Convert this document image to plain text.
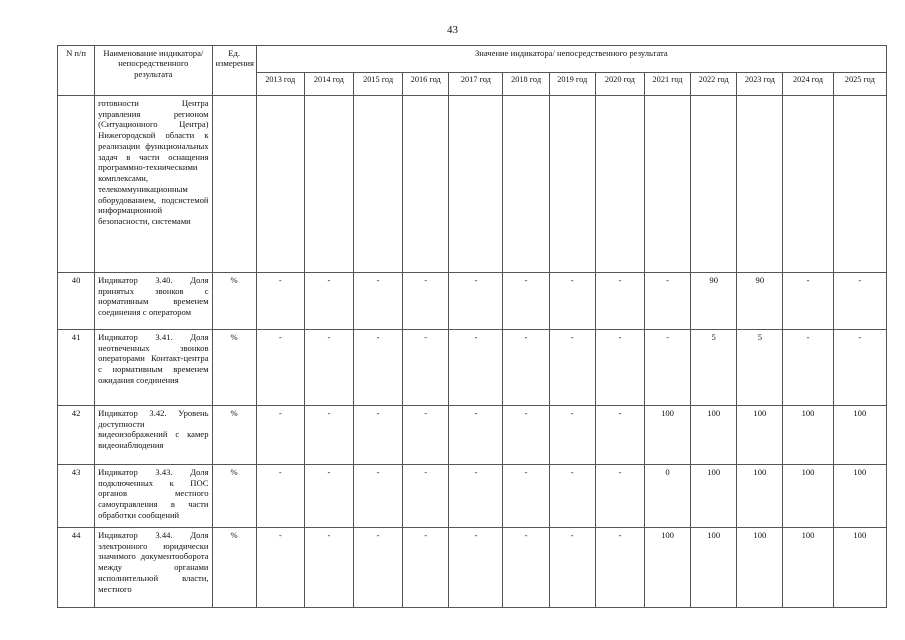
43
N п/п	Наименование индикатора/непосредственного результата	Ед. измерения	Значение индикатора/ непосредственного результата												
			2013 год	2014 год	2015 год	2016 год	2017 год	2018 год	2019 год	2020 год	2021 год	2022 год	2023 год	2024 год	2025 год
	готовности Центра управления регионом (Ситуационного Центра) Нижегородской области к реализации функциональных задач в части оснащения программно-техническими комплексами, телекоммуникационным оборудованием, подсистемой информационной безопасности, системами														
40	Индикатор 3.40. Доля принятых звонков с нормативным временем соединения с оператором	%	-	-	-	-	-	-	-	-	-	90	90	-	-
41	Индикатор 3.41. Доля неотвеченных звонков операторами Контакт-центра с нормативным временем ожидания соединения	%	-	-	-	-	-	-	-	-	-	5	5	-	-
42	Индикатор 3.42. Уровень доступности видеоизображений с камер видеонаблюдения	%	-	-	-	-	-	-	-	-	100	100	100	100	100
43	Индикатор 3.43. Доля подключенных к ПОС органов местного самоуправления в части обработки сообщений	%	-	-	-	-	-	-	-	-	0	100	100	100	100
44	Индикатор 3.44. Доля электронного юридически значимого документооборота между органами исполнительной власти, местного	%	-	-	-	-	-	-	-	-	100	100	100	100	100
